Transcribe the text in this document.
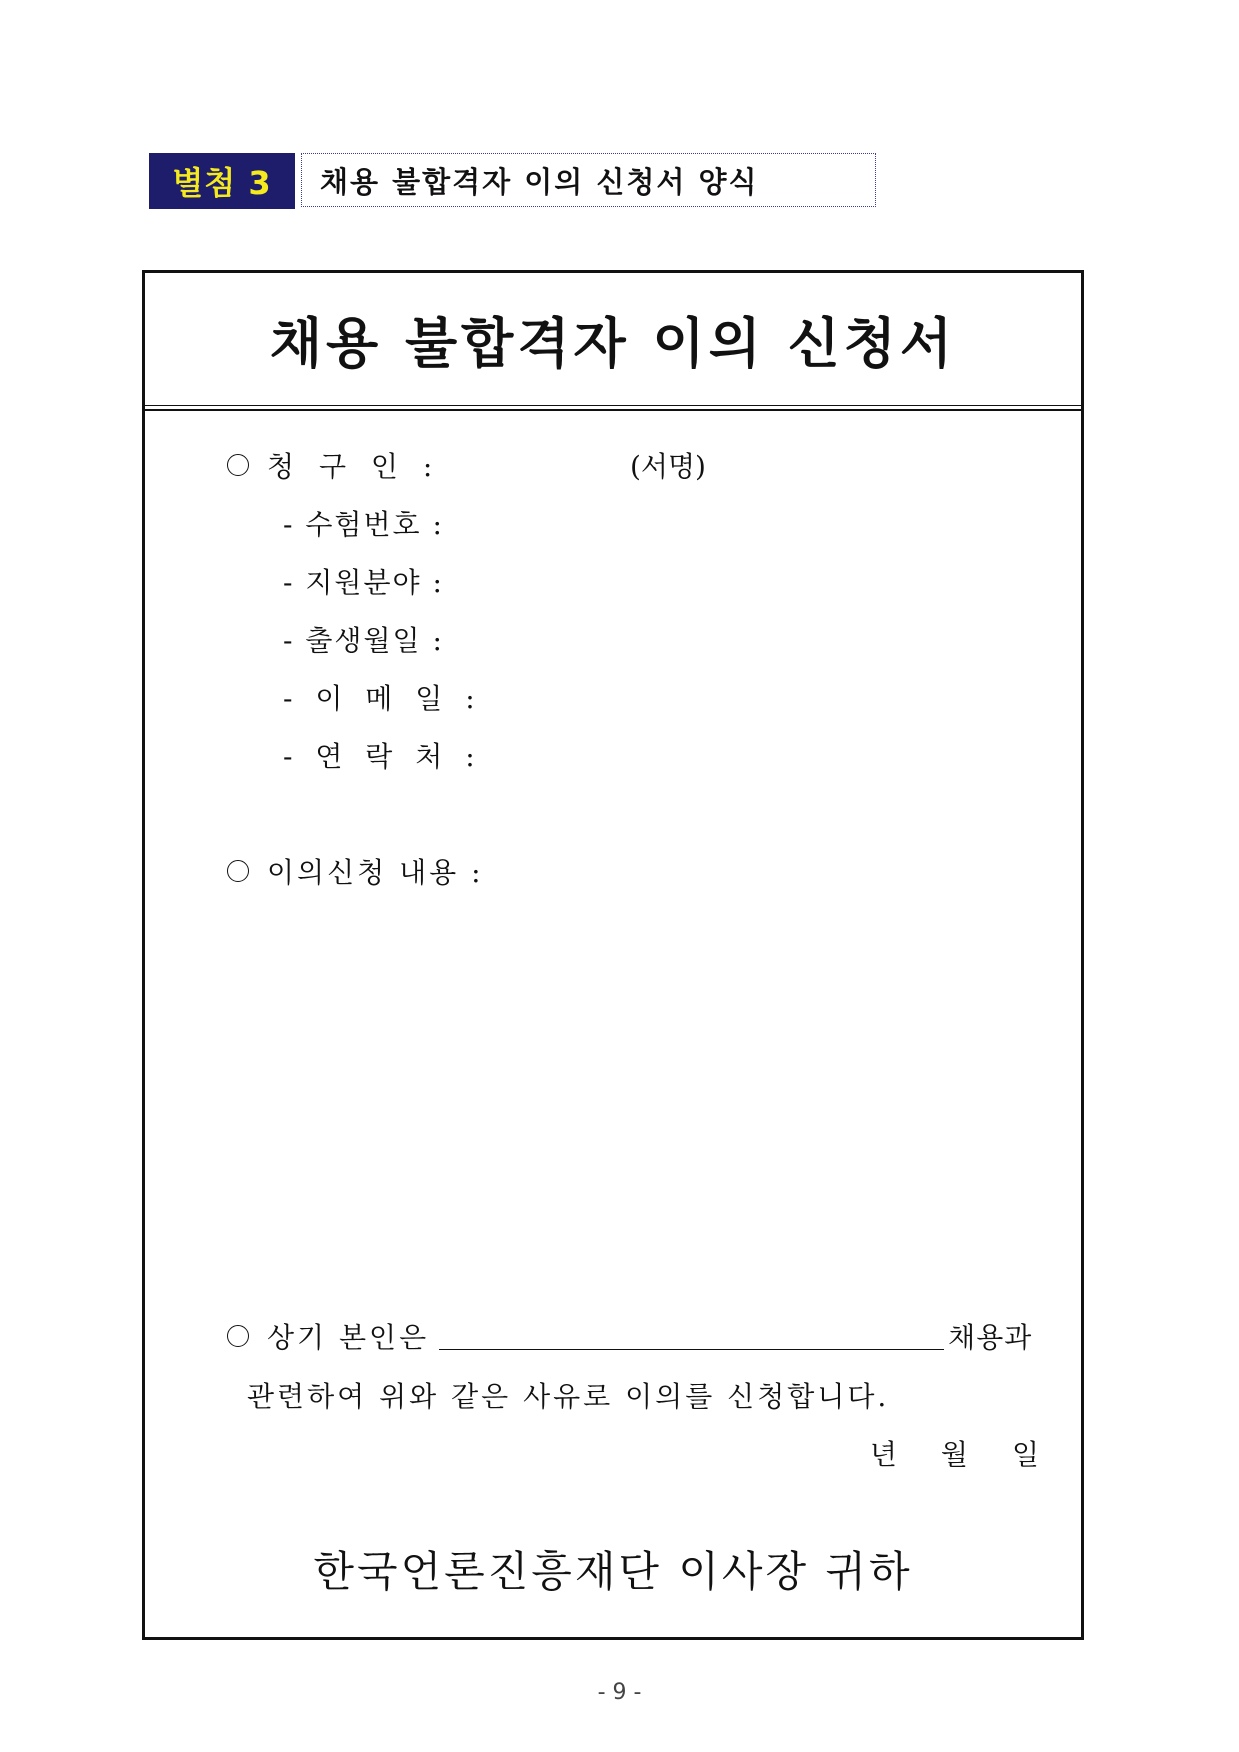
별첨 3	채용 불합격자 이의 신청서 양식
채용 불합격자 이의 신청서
청 구 인 :	(서명)
- 수험번호 :
- 지원분야 :
- 출생월일 :
- 이 메 일 :
- 연 락 처 :
이의신청 내용 :
상기 본인은	채용과
관련하여 위와 같은 사유로 이의를 신청합니다.
년 월 일
한국언론진흥재단 이사장 귀하
- 9 -
